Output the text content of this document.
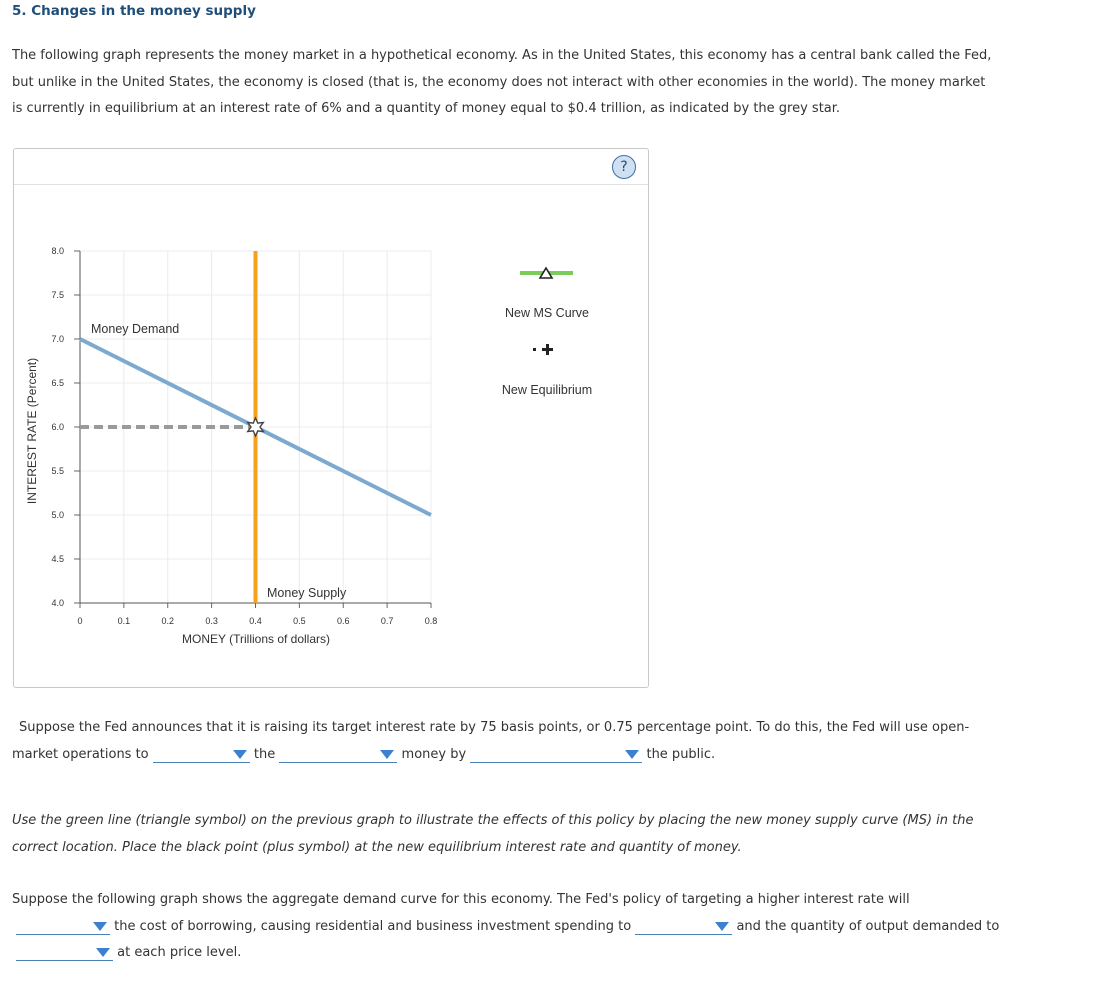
5. Changes in the money supply
The following graph represents the money market in a hypothetical economy. As in the United States, this economy has a central bank called the Fed,
but unlike in the United States, the economy is closed (that is, the economy does not interact with other economies in the world). The money market
is currently in equilibrium at an interest rate of 6% and a quantity of money equal to $0.4 trillion, as indicated by the grey star.
?
4.0
4.5
5.0
5.5
6.0
6.5
7.0
7.5
8.0
0	0.1	0.2	0.3	0.4	0.5	0.6	0.7	0.8
INTEREST RATE (Percent)
MONEY (Trillions of dollars)
Money Demand
Money Supply
New MS Curve
New Equilibrium
Suppose the Fed announces that it is raising its target interest rate by 75 basis points, or 0.75 percentage point. To do this, the Fed will use open-
market operations to	the	money by	the public.
Use the green line (triangle symbol) on the previous graph to illustrate the effects of this policy by placing the new money supply curve (MS) in the
correct location. Place the black point (plus symbol) at the new equilibrium interest rate and quantity of money.
Suppose the following graph shows the aggregate demand curve for this economy. The Fed's policy of targeting a higher interest rate will
the cost of borrowing, causing residential and business investment spending to	and the quantity of output demanded to
at each price level.
